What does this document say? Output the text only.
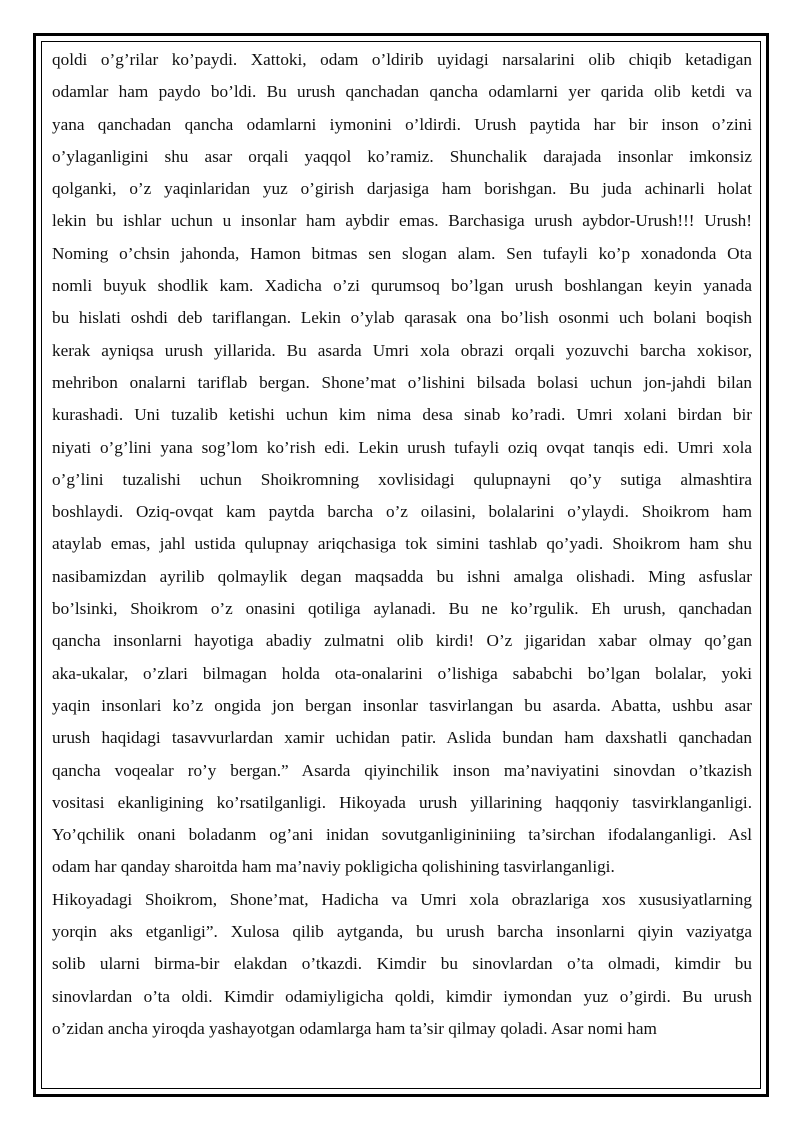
qoldi o’g’rilar ko’paydi. Xattoki, odam o’ldirib uyidagi narsalarini olib chiqib ketadigan
odamlar ham paydo bo’ldi. Bu urush qanchadan qancha odamlarni yer qarida olib ketdi va
yana qanchadan qancha odamlarni iymonini o’ldirdi. Urush paytida har bir inson o’zini
o’ylaganligini shu asar orqali yaqqol ko’ramiz. Shunchalik darajada insonlar imkonsiz
qolganki, o’z yaqinlaridan yuz o’girish darjasiga ham borishgan. Bu juda achinarli holat
lekin bu ishlar uchun u insonlar ham aybdir emas. Barchasiga urush aybdor-Urush!!! Urush!
Noming o’chsin jahonda, Hamon bitmas sen slogan alam. Sen tufayli ko’p xonadonda Ota
nomli buyuk shodlik kam. Xadicha o’zi qurumsoq bo’lgan urush boshlangan keyin yanada
bu hislati oshdi deb tariflangan. Lekin o’ylab qarasak ona bo’lish osonmi uch bolani boqish
kerak ayniqsa urush yillarida. Bu asarda Umri xola obrazi orqali yozuvchi barcha xokisor,
mehribon onalarni tariflab bergan. Shone’mat o’lishini bilsada bolasi uchun jon-jahdi bilan
kurashadi. Uni tuzalib ketishi uchun kim nima desa sinab ko’radi. Umri xolani birdan bir
niyati o’g’lini yana sog’lom ko’rish edi. Lekin urush tufayli oziq ovqat tanqis edi. Umri xola
o’g’lini tuzalishi uchun Shoikromning xovlisidagi qulupnayni qo’y sutiga almashtira
boshlaydi. Oziq-ovqat kam paytda barcha o’z oilasini, bolalarini o’ylaydi. Shoikrom ham
ataylab emas, jahl ustida qulupnay ariqchasiga tok simini tashlab qo’yadi. Shoikrom ham shu
nasibamizdan ayrilib qolmaylik degan maqsadda bu ishni amalga olishadi. Ming asfuslar
bo’lsinki, Shoikrom o’z onasini qotiliga aylanadi. Bu ne ko’rgulik. Eh urush, qanchadan
qancha insonlarni hayotiga abadiy zulmatni olib kirdi! O’z jigaridan xabar olmay qo’gan
aka-ukalar, o’zlari bilmagan holda ota-onalarini o’lishiga sababchi bo’lgan bolalar, yoki
yaqin insonlari ko’z ongida jon bergan insonlar tasvirlangan bu asarda. Abatta, ushbu asar
urush haqidagi tasavvurlardan xamir uchidan patir. Aslida bundan ham daxshatli qanchadan
qancha voqealar ro’y bergan.” Asarda qiyinchilik inson ma’naviyatini sinovdan o’tkazish
vositasi ekanligining ko’rsatilganligi. Hikoyada urush yillarining haqqoniy tasvirklanganligi.
Yo’qchilik onani boladanm og’ani inidan sovutganligininiing ta’sirchan ifodalanganligi. Asl
odam har qanday sharoitda ham ma’naviy pokligicha qolishining tasvirlanganligi.
Hikoyadagi Shoikrom, Shone’mat, Hadicha va Umri xola obrazlariga xos xususiyatlarning
yorqin aks etganligi”. Xulosa qilib aytganda, bu urush barcha insonlarni qiyin vaziyatga
solib ularni birma-bir elakdan o’tkazdi. Kimdir bu sinovlardan o’ta olmadi, kimdir bu
sinovlardan o’ta oldi. Kimdir odamiyligicha qoldi, kimdir iymondan yuz o’girdi. Bu urush
o’zidan ancha yiroqda yashayotgan odamlarga ham ta’sir qilmay qoladi. Asar nomi ham
